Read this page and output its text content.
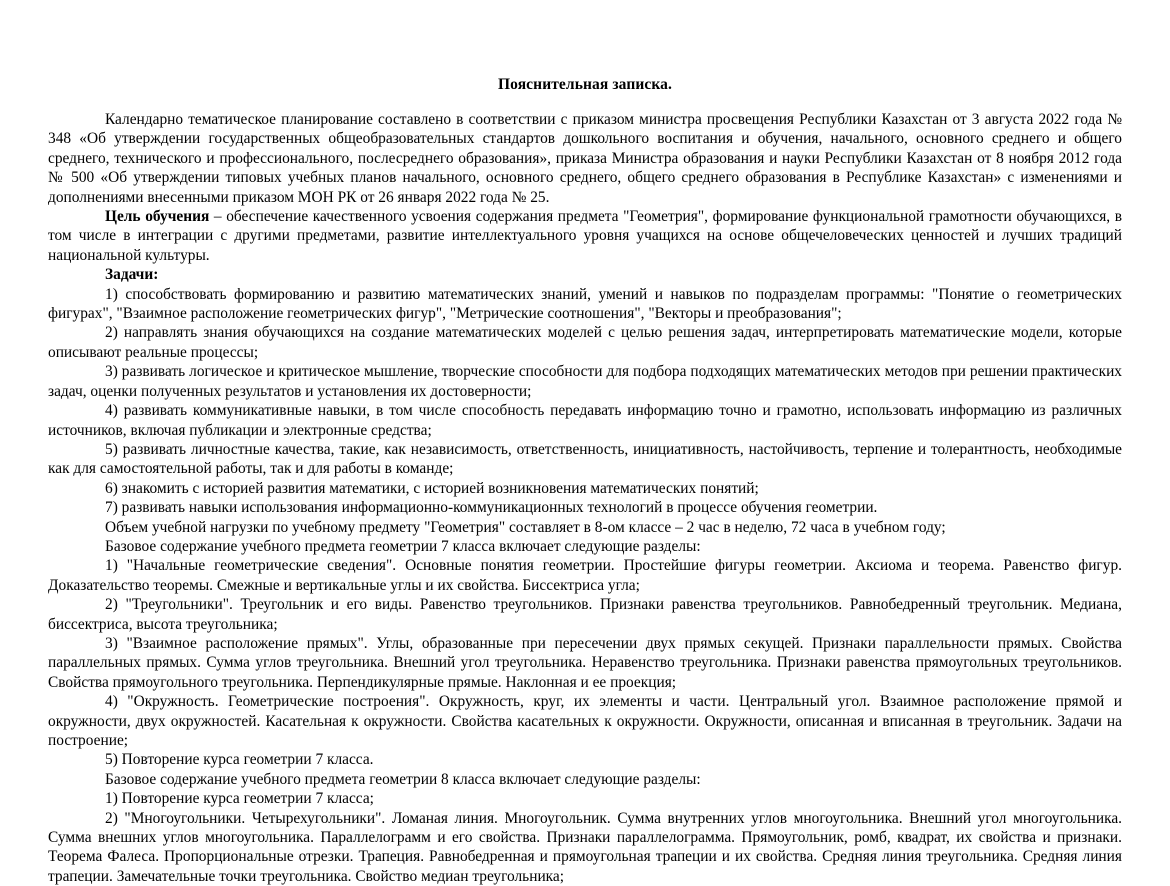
Пояснительная записка.

Календарно тематическое планирование составлено в соответствии с приказом министра просвещения Республики Казахстан от 3 августа 2022 года № 348 «Об утверждении государственных общеобразовательных стандартов дошкольного воспитания и обучения, начального, основного среднего и общего среднего, технического и профессионального, послесреднего образования», приказа Министра образования и науки Республики Казахстан от 8 ноября 2012 года № 500 «Об утверждении типовых учебных планов начального, основного среднего, общего среднего образования в Республике Казахстан» с изменениями и дополнениями внесенными приказом МОН РК от 26 января 2022 года № 25.

Цель обучения – обеспечение качественного усвоения содержания предмета "Геометрия", формирование функциональной грамотности обучающихся, в том числе в интеграции с другими предметами, развитие интеллектуального уровня учащихся на основе общечеловеческих ценностей и лучших традиций национальной культуры.

Задачи:

1) способствовать формированию и развитию математических знаний, умений и навыков по подразделам программы: "Понятие о геометрических фигурах", "Взаимное расположение геометрических фигур", "Метрические соотношения", "Векторы и преобразования";

2) направлять знания обучающихся на создание математических моделей с целью решения задач, интерпретировать математические модели, которые описывают реальные процессы;

3) развивать логическое и критическое мышление, творческие способности для подбора подходящих математических методов при решении практических задач, оценки полученных результатов и установления их достоверности;

4) развивать коммуникативные навыки, в том числе способность передавать информацию точно и грамотно, использовать информацию из различных источников, включая публикации и электронные средства;

5) развивать личностные качества, такие, как независимость, ответственность, инициативность, настойчивость, терпение и толерантность, необходимые как для самостоятельной работы, так и для работы в команде;

6) знакомить с историей развития математики, с историей возникновения математических понятий;

7) развивать навыки использования информационно-коммуникационных технологий в процессе обучения геометрии.

Объем учебной нагрузки по учебному предмету "Геометрия" составляет в 8-ом классе – 2 час в неделю, 72 часа в учебном году;

Базовое содержание учебного предмета геометрии 7 класса включает следующие разделы:

1) "Начальные геометрические сведения". Основные понятия геометрии. Простейшие фигуры геометрии. Аксиома и теорема. Равенство фигур. Доказательство теоремы. Смежные и вертикальные углы и их свойства. Биссектриса угла;

2) "Треугольники". Треугольник и его виды. Равенство треугольников. Признаки равенства треугольников. Равнобедренный треугольник. Медиана, биссектриса, высота треугольника;

3) "Взаимное расположение прямых". Углы, образованные при пересечении двух прямых секущей. Признаки параллельности прямых. Свойства параллельных прямых. Сумма углов треугольника. Внешний угол треугольника. Неравенство треугольника. Признаки равенства прямоугольных треугольников. Свойства прямоугольного треугольника. Перпендикулярные прямые. Наклонная и ее проекция;

4) "Окружность. Геометрические построения". Окружность, круг, их элементы и части. Центральный угол. Взаимное расположение прямой и окружности, двух окружностей. Касательная к окружности. Свойства касательных к окружности. Окружности, описанная и вписанная в треугольник. Задачи на построение;

5) Повторение курса геометрии 7 класса.

Базовое содержание учебного предмета геометрии 8 класса включает следующие разделы:

1) Повторение курса геометрии 7 класса;

2) "Многоугольники. Четырехугольники". Ломаная линия. Многоугольник. Сумма внутренних углов многоугольника. Внешний угол многоугольника. Сумма внешних углов многоугольника. Параллелограмм и его свойства. Признаки параллелограмма. Прямоугольник, ромб, квадрат, их свойства и признаки. Теорема Фалеса. Пропорциональные отрезки. Трапеция. Равнобедренная и прямоугольная трапеции и их свойства. Средняя линия треугольника. Средняя линия трапеции. Замечательные точки треугольника. Свойство медиан треугольника;
